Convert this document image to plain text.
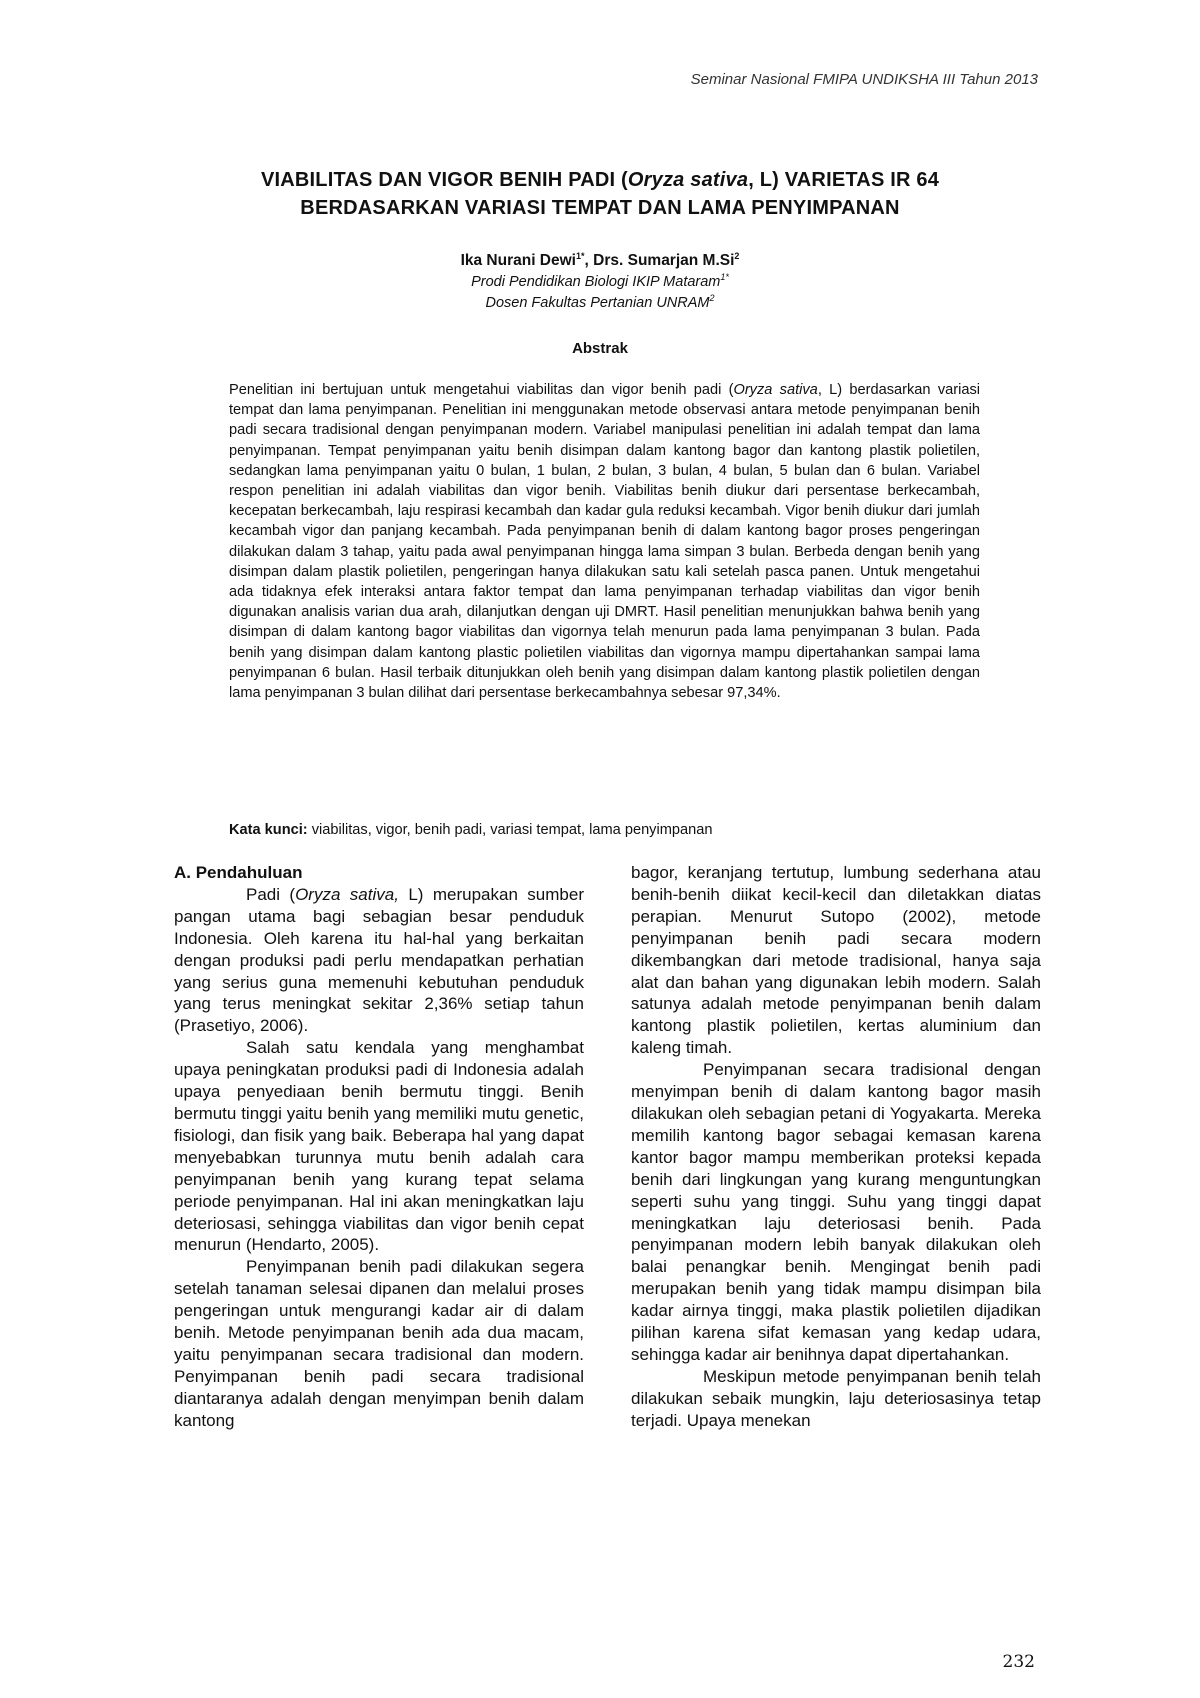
Seminar Nasional FMIPA UNDIKSHA III Tahun 2013
VIABILITAS DAN VIGOR BENIH PADI (Oryza sativa, L) VARIETAS IR 64
BERDASARKAN VARIASI TEMPAT DAN LAMA PENYIMPANAN
Ika Nurani Dewi$^{1*}$, Drs. Sumarjan M.Si$^2$
Prodi Pendidikan Biologi IKIP Mataram$^{1*}$
Dosen Fakultas Pertanian UNRAM$^2$
Abstrak

Penelitian ini bertujuan untuk mengetahui viabilitas dan vigor benih padi (Oryza sativa, L) berdasarkan variasi tempat dan lama penyimpanan. Penelitian ini menggunakan metode observasi antara metode penyimpanan benih padi secara tradisional dengan penyimpanan modern. Variabel manipulasi penelitian ini adalah tempat dan lama penyimpanan. Tempat penyimpanan yaitu benih disimpan dalam kantong bagor dan kantong plastik polietilen, sedangkan lama penyimpanan yaitu 0 bulan, 1 bulan, 2 bulan, 3 bulan, 4 bulan, 5 bulan dan 6 bulan. Variabel respon penelitian ini adalah viabilitas dan vigor benih. Viabilitas benih diukur dari persentase berkecambah, kecepatan berkecambah, laju respirasi kecambah dan kadar gula reduksi kecambah. Vigor benih diukur dari jumlah kecambah vigor dan panjang kecambah. Pada penyimpanan benih di dalam kantong bagor proses pengeringan dilakukan dalam 3 tahap, yaitu pada awal penyimpanan hingga lama simpan 3 bulan. Berbeda dengan benih yang disimpan dalam plastik polietilen, pengeringan hanya dilakukan satu kali setelah pasca panen. Untuk mengetahui ada tidaknya efek interaksi antara faktor tempat dan lama penyimpanan terhadap viabilitas dan vigor benih digunakan analisis varian dua arah, dilanjutkan dengan uji DMRT. Hasil penelitian menunjukkan bahwa benih yang disimpan di dalam kantong bagor viabilitas dan vigornya telah menurun pada lama penyimpanan 3 bulan. Pada benih yang disimpan dalam kantong plastic polietilen viabilitas dan vigornya mampu dipertahankan sampai lama penyimpanan 6 bulan. Hasil terbaik ditunjukkan oleh benih yang disimpan dalam kantong plastik polietilen dengan lama penyimpanan 3 bulan dilihat dari persentase berkecambahnya sebesar 97,34%.

Kata kunci: viabilitas, vigor, benih padi, variasi tempat, lama penyimpanan
A. Pendahuluan

Padi (Oryza sativa, L) merupakan sumber pangan utama bagi sebagian besar penduduk Indonesia. Oleh karena itu hal-hal yang berkaitan dengan produksi padi perlu mendapatkan perhatian yang serius guna memenuhi kebutuhan penduduk yang terus meningkat sekitar 2,36% setiap tahun (Prasetiyo, 2006).

Salah satu kendala yang menghambat upaya peningkatan produksi padi di Indonesia adalah upaya penyediaan benih bermutu tinggi. Benih bermutu tinggi yaitu benih yang memiliki mutu genetic, fisiologi, dan fisik yang baik. Beberapa hal yang dapat menyebabkan turunnya mutu benih adalah cara penyimpanan benih yang kurang tepat selama periode penyimpanan. Hal ini akan meningkatkan laju deteriosasi, sehingga viabilitas dan vigor benih cepat menurun (Hendarto, 2005).

Penyimpanan benih padi dilakukan segera setelah tanaman selesai dipanen dan melalui proses pengeringan untuk mengurangi kadar air di dalam benih. Metode penyimpanan benih ada dua macam, yaitu penyimpanan secara tradisional dan modern. Penyimpanan benih padi secara tradisional diantaranya adalah dengan menyimpan benih dalam kantong

bagor, keranjang tertutup, lumbung sederhana atau benih-benih diikat kecil-kecil dan diletakkan diatas perapian. Menurut Sutopo (2002), metode penyimpanan benih padi secara modern dikembangkan dari metode tradisional, hanya saja alat dan bahan yang digunakan lebih modern. Salah satunya adalah metode penyimpanan benih dalam kantong plastik polietilen, kertas aluminium dan kaleng timah.

Penyimpanan secara tradisional dengan menyimpan benih di dalam kantong bagor masih dilakukan oleh sebagian petani di Yogyakarta. Mereka memilih kantong bagor sebagai kemasan karena kantor bagor mampu memberikan proteksi kepada benih dari lingkungan yang kurang menguntungkan seperti suhu yang tinggi. Suhu yang tinggi dapat meningkatkan laju deteriosasi benih. Pada penyimpanan modern lebih banyak dilakukan oleh balai penangkar benih. Mengingat benih padi merupakan benih yang tidak mampu disimpan bila kadar airnya tinggi, maka plastik polietilen dijadikan pilihan karena sifat kemasan yang kedap udara, sehingga kadar air benihnya dapat dipertahankan.

Meskipun metode penyimpanan benih telah dilakukan sebaik mungkin, laju deteriosasinya tetap terjadi. Upaya menekan

232
